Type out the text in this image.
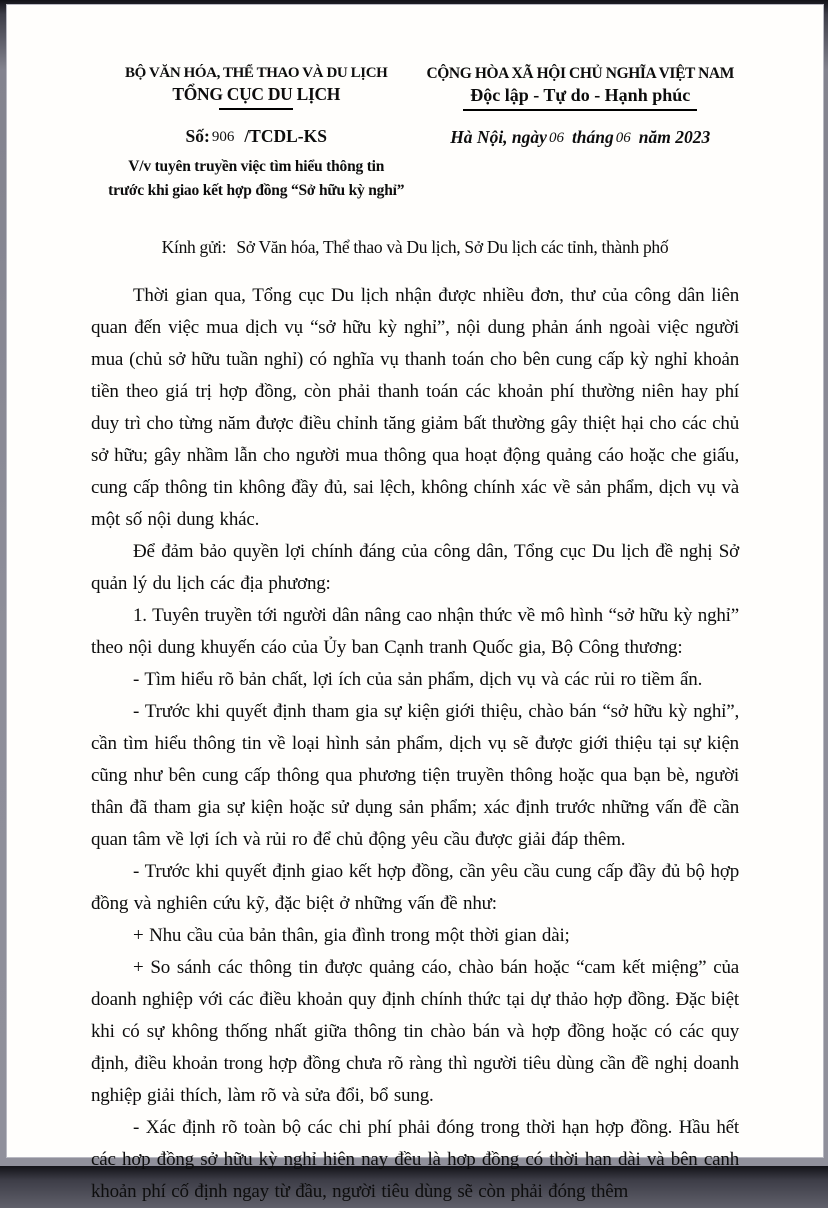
BỘ VĂN HÓA, THỂ THAO VÀ DU LỊCH
TỔNG CỤC DU LỊCH
Số: 906 /TCDL-KS
V/v tuyên truyền việc tìm hiểu thông tin
trước khi giao kết hợp đồng “Sở hữu kỳ nghỉ”
CỘNG HÒA XÃ HỘI CHỦ NGHĨA VIỆT NAM
Độc lập - Tự do - Hạnh phúc
Hà Nội, ngày 06 tháng 06 năm 2023
Kính gửi: Sở Văn hóa, Thể thao và Du lịch, Sở Du lịch các tỉnh, thành phố

Thời gian qua, Tổng cục Du lịch nhận được nhiều đơn, thư của công dân liên quan đến việc mua dịch vụ “sở hữu kỳ nghỉ”, nội dung phản ánh ngoài việc người mua (chủ sở hữu tuần nghỉ) có nghĩa vụ thanh toán cho bên cung cấp kỳ nghỉ khoản tiền theo giá trị hợp đồng, còn phải thanh toán các khoản phí thường niên hay phí duy trì cho từng năm được điều chỉnh tăng giảm bất thường gây thiệt hại cho các chủ sở hữu; gây nhầm lẫn cho người mua thông qua hoạt động quảng cáo hoặc che giấu, cung cấp thông tin không đầy đủ, sai lệch, không chính xác về sản phẩm, dịch vụ và một số nội dung khác.

Để đảm bảo quyền lợi chính đáng của công dân, Tổng cục Du lịch đề nghị Sở quản lý du lịch các địa phương:

1. Tuyên truyền tới người dân nâng cao nhận thức về mô hình “sở hữu kỳ nghỉ” theo nội dung khuyến cáo của Ủy ban Cạnh tranh Quốc gia, Bộ Công thương:

- Tìm hiểu rõ bản chất, lợi ích của sản phẩm, dịch vụ và các rủi ro tiềm ẩn.

- Trước khi quyết định tham gia sự kiện giới thiệu, chào bán “sở hữu kỳ nghỉ”, cần tìm hiểu thông tin về loại hình sản phẩm, dịch vụ sẽ được giới thiệu tại sự kiện cũng như bên cung cấp thông qua phương tiện truyền thông hoặc qua bạn bè, người thân đã tham gia sự kiện hoặc sử dụng sản phẩm; xác định trước những vấn đề cần quan tâm về lợi ích và rủi ro để chủ động yêu cầu được giải đáp thêm.

- Trước khi quyết định giao kết hợp đồng, cần yêu cầu cung cấp đầy đủ bộ hợp đồng và nghiên cứu kỹ, đặc biệt ở những vấn đề như:

+ Nhu cầu của bản thân, gia đình trong một thời gian dài;

+ So sánh các thông tin được quảng cáo, chào bán hoặc “cam kết miệng” của doanh nghiệp với các điều khoản quy định chính thức tại dự thảo hợp đồng. Đặc biệt khi có sự không thống nhất giữa thông tin chào bán và hợp đồng hoặc có các quy định, điều khoản trong hợp đồng chưa rõ ràng thì người tiêu dùng cần đề nghị doanh nghiệp giải thích, làm rõ và sửa đổi, bổ sung.

- Xác định rõ toàn bộ các chi phí phải đóng trong thời hạn hợp đồng. Hầu hết các hợp đồng sở hữu kỳ nghỉ hiện nay đều là hợp đồng có thời hạn dài và bên cạnh khoản phí cố định ngay từ đầu, người tiêu dùng sẽ còn phải đóng thêm
